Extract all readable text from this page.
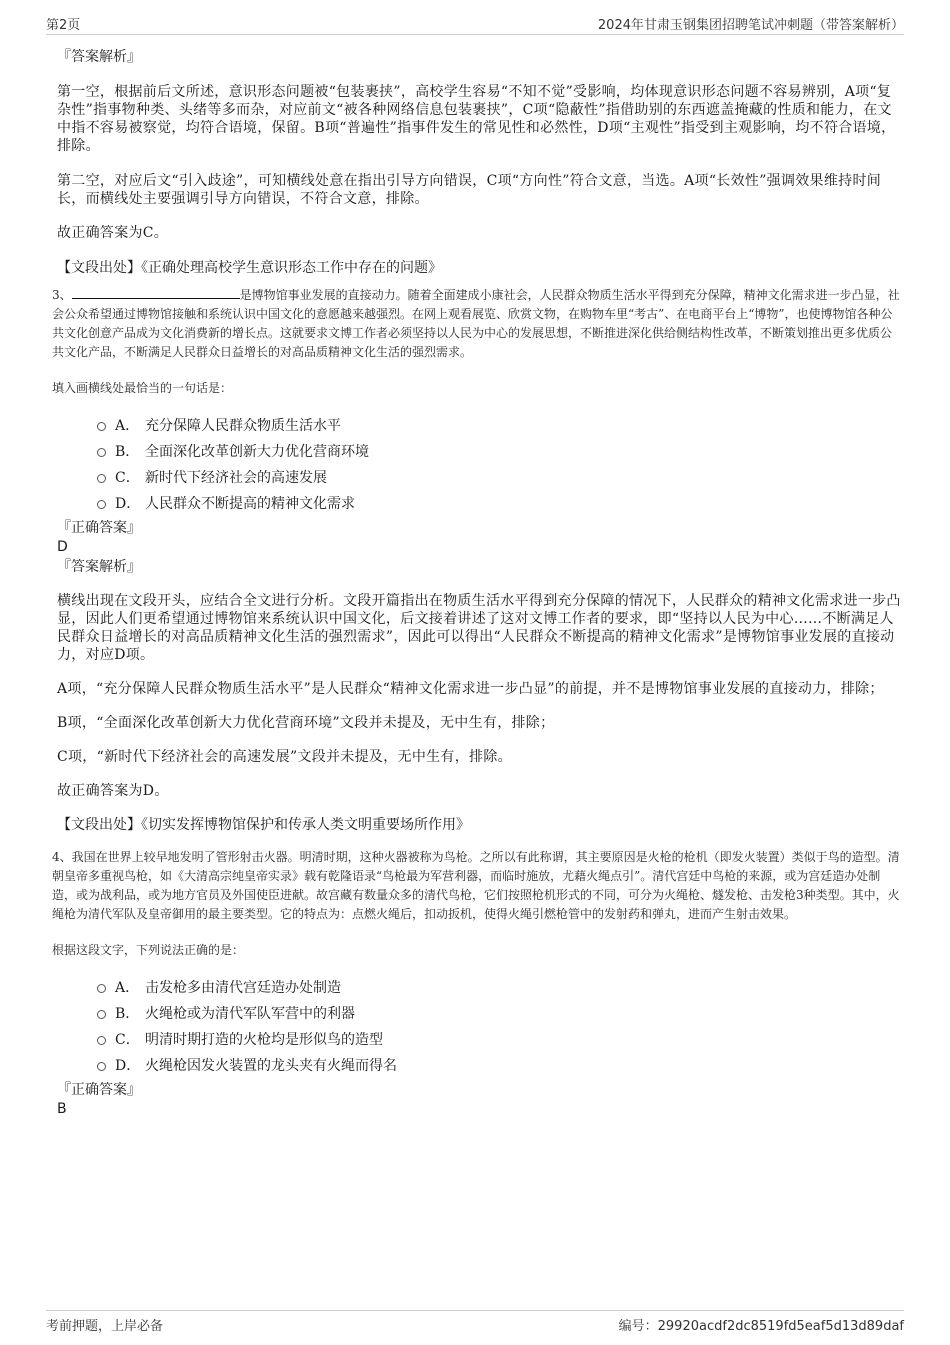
第2页	2024年甘肃玉钢集团招聘笔试冲刺题（带答案解析）

『答案解析』

第一空，根据前后文所述，意识形态问题被“包装裹挟”，高校学生容易“不知不觉”受影响，均体现意识形态问题不容易辨别，A项“复杂性”指事物种类、头绪等多而杂，对应前文“被各种网络信息包装裹挟”，C项“隐蔽性”指借助别的东西遮盖掩藏的性质和能力，在文中指不容易被察觉，均符合语境，保留。B项“普遍性”指事件发生的常见性和必然性，D项“主观性”指受到主观影响，均不符合语境，排除。

第二空，对应后文“引入歧途”，可知横线处意在指出引导方向错误，C项“方向性”符合文意，当选。A项“长效性”强调效果维持时间长，而横线处主要强调引导方向错误，不符合文意，排除。

故正确答案为C。

【文段出处】《正确处理高校学生意识形态工作中存在的问题》

3、	是博物馆事业发展的直接动力。随着全面建成小康社会，人民群众物质生活水平得到充分保障，精神文化需求进一步凸显，社会公众希望通过博物馆接触和系统认识中国文化的意愿越来越强烈。在网上观看展览、欣赏文物，在购物车里“考古”、在电商平台上“博物”，也使博物馆各种公共文化创意产品成为文化消费新的增长点。这就要求文博工作者必须坚持以人民为中心的发展思想，不断推进深化供给侧结构性改革，不断策划推出更多优质公共文化产品，不断满足人民群众日益增长的对高品质精神文化生活的强烈需求。

填入画横线处最恰当的一句话是：

A． 充分保障人民群众物质生活水平
B． 全面深化改革创新大力优化营商环境
C． 新时代下经济社会的高速发展
D． 人民群众不断提高的精神文化需求

『正确答案』

D

『答案解析』

横线出现在文段开头，应结合全文进行分析。文段开篇指出在物质生活水平得到充分保障的情况下，人民群众的精神文化需求进一步凸显，因此人们更希望通过博物馆来系统认识中国文化，后文接着讲述了这对文博工作者的要求，即“坚持以人民为中心……不断满足人民群众日益增长的对高品质精神文化生活的强烈需求”，因此可以得出“人民群众不断提高的精神文化需求”是博物馆事业发展的直接动力，对应D项。

A项，“充分保障人民群众物质生活水平”是人民群众“精神文化需求进一步凸显”的前提，并不是博物馆事业发展的直接动力，排除；

B项，“全面深化改革创新大力优化营商环境”文段并未提及，无中生有，排除；

C项，“新时代下经济社会的高速发展”文段并未提及，无中生有，排除。

故正确答案为D。

【文段出处】《切实发挥博物馆保护和传承人类文明重要场所作用》

4、我国在世界上较早地发明了管形射击火器。明清时期，这种火器被称为鸟枪。之所以有此称谓，其主要原因是火枪的枪机（即发火装置）类似于鸟的造型。清朝皇帝多重视鸟枪，如《大清高宗纯皇帝实录》载有乾隆语录“鸟枪最为军营利器，而临时施放，尤藉火绳点引”。清代宫廷中鸟枪的来源，或为宫廷造办处制造，或为战利品，或为地方官员及外国使臣进献。故宫藏有数量众多的清代鸟枪，它们按照枪机形式的不同，可分为火绳枪、燧发枪、击发枪3种类型。其中，火绳枪为清代军队及皇帝御用的最主要类型。它的特点为：点燃火绳后，扣动扳机，使得火绳引燃枪管中的发射药和弹丸，进而产生射击效果。

根据这段文字，下列说法正确的是：

A． 击发枪多由清代宫廷造办处制造
B． 火绳枪或为清代军队军营中的利器
C． 明清时期打造的火枪均是形似鸟的造型
D． 火绳枪因发火装置的龙头夹有火绳而得名

『正确答案』

B

考前押题，上岸必备	编号：29920acdf2dc8519fd5eaf5d13d89daf
